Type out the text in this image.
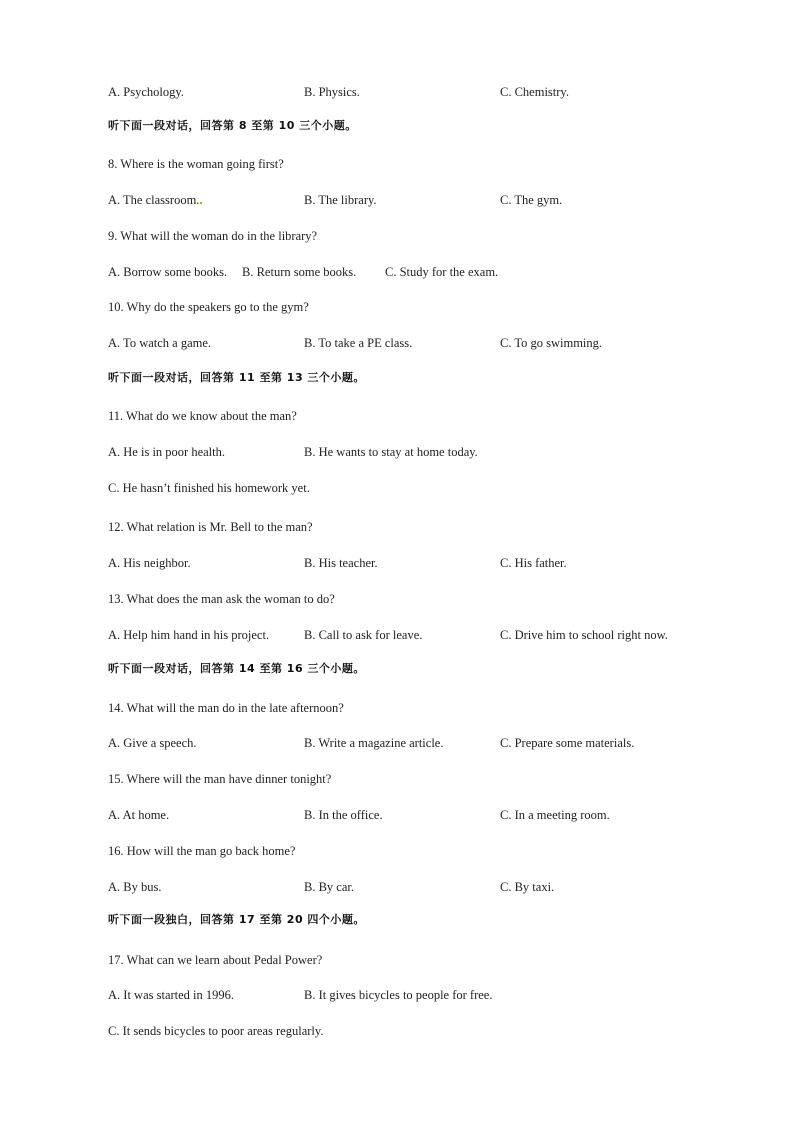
A. Psychology.	B. Physics.	C. Chemistry.
听下面一段对话，回答第 8 至第 10 三个小题。
8. Where is the woman going first?
A. The classroom.	B. The library.	C. The gym.
9. What will the woman do in the library?
A. Borrow some books. B. Return some books. C. Study for the exam.
10. Why do the speakers go to the gym?
A. To watch a game.	B. To take a PE class.	C. To go swimming.
听下面一段对话，回答第 11 至第 13 三个小题。
11. What do we know about the man?
A. He is in poor health.	B. He wants to stay at home today.
C. He hasn’t finished his homework yet.
12. What relation is Mr. Bell to the man?
A. His neighbor.	B. His teacher.	C. His father.
13. What does the man ask the woman to do?
A. Help him hand in his project.	B. Call to ask for leave.	C. Drive him to school right now.
听下面一段对话，回答第 14 至第 16 三个小题。
14. What will the man do in the late afternoon?
A. Give a speech.	B. Write a magazine article.	C. Prepare some materials.
15. Where will the man have dinner tonight?
A. At home.	B. In the office.	C. In a meeting room.
16. How will the man go back home?
A. By bus.	B. By car.	C. By taxi.
听下面一段独白，回答第 17 至第 20 四个小题。
17. What can we learn about Pedal Power?
A. It was started in 1996.	B. It gives bicycles to people for free.
C. It sends bicycles to poor areas regularly.
